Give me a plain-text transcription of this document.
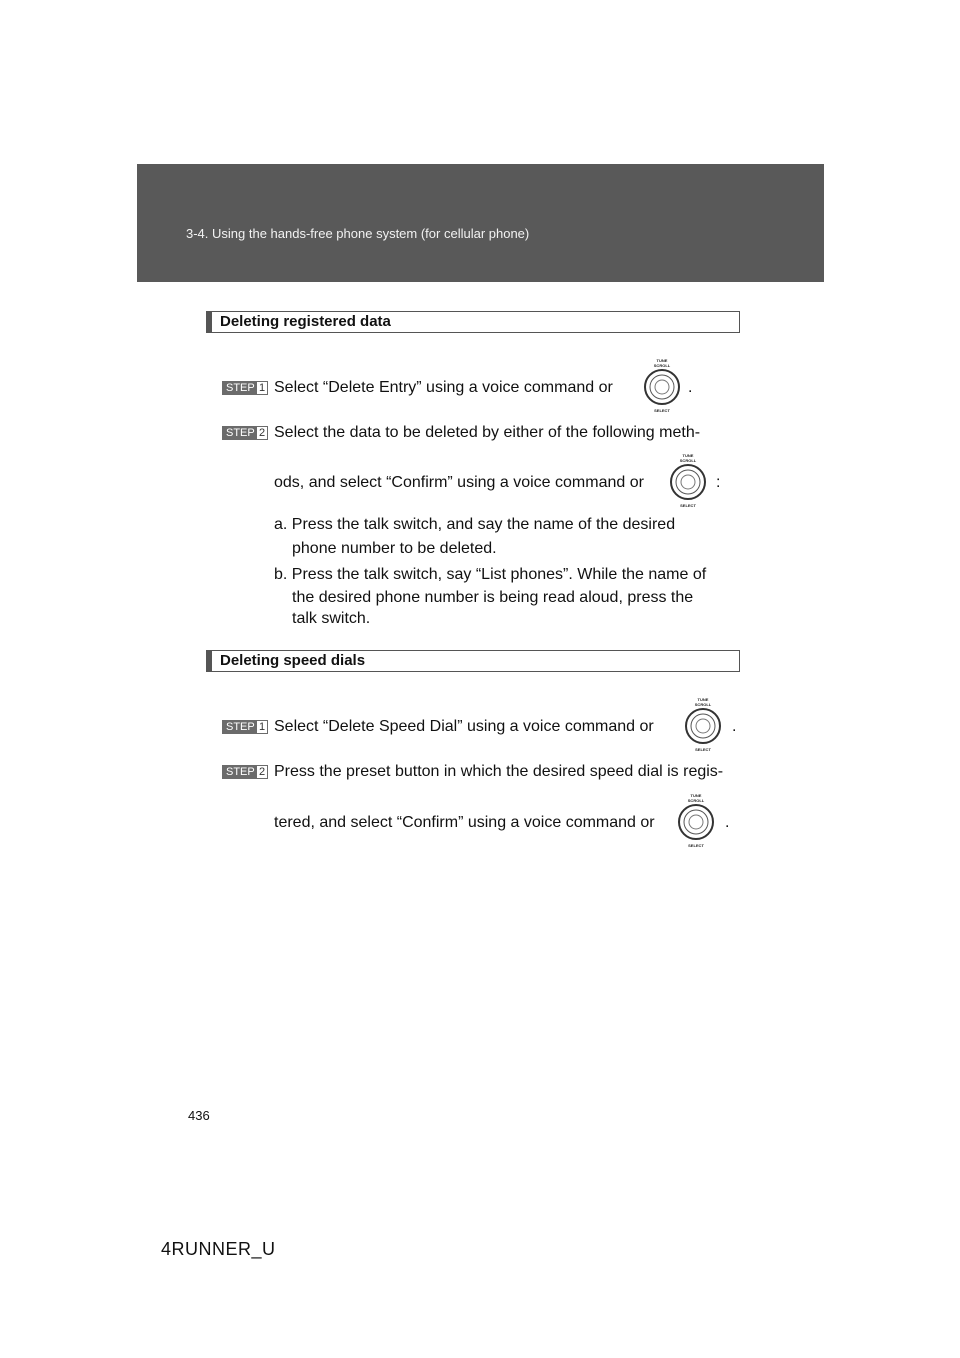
3-4. Using the hands-free phone system (for cellular phone)
Deleting registered data
STEP 1 Select “Delete Entry” using a voice command or
TUNE
SCROLL
SELECT
.
STEP 2 Select the data to be deleted by either of the following meth-
ods, and select “Confirm” using a voice command or
TUNE
SCROLL
SELECT
:
a. Press the talk switch, and say the name of the desired
phone number to be deleted.
b. Press the talk switch, say “List phones”. While the name of
the desired phone number is being read aloud, press the
talk switch.
Deleting speed dials
STEP 1 Select “Delete Speed Dial” using a voice command or
TUNE
SCROLL
SELECT
.
STEP 2 Press the preset button in which the desired speed dial is regis-
tered, and select “Confirm” using a voice command or
TUNE
SCROLL
SELECT
.
436
4RUNNER_U
